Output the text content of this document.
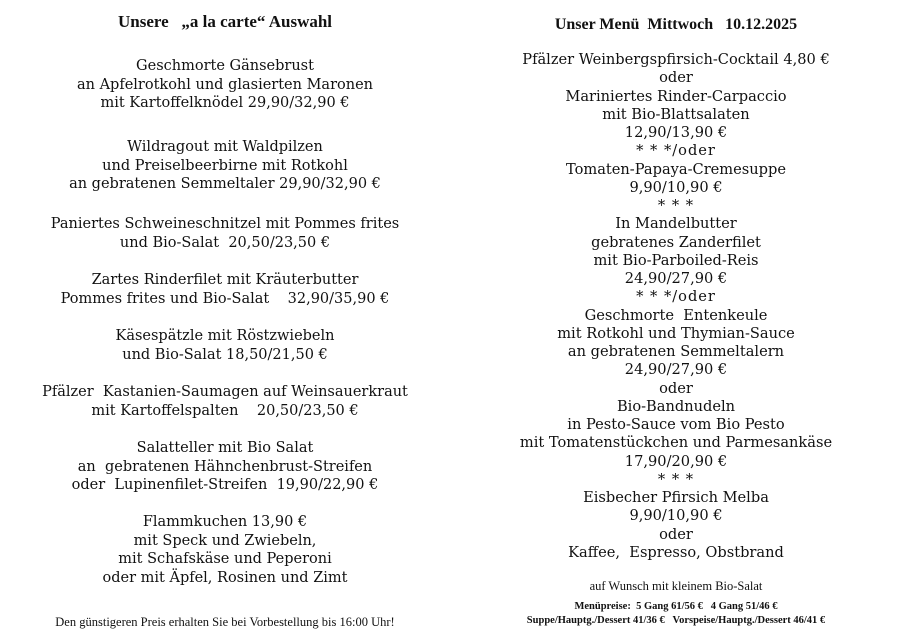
Unsere   „a la carte“ Auswahl
Geschmorte Gänsebrust
an Apfelrotkohl und glasierten Maronen
mit Kartoffelknödel 29,90/32,90 €
Wildragout mit Waldpilzen
und Preiselbeerbirne mit Rotkohl
an gebratenen Semmeltaler 29,90/32,90 €
Paniertes Schweineschnitzel mit Pommes frites
und Bio-Salat  20,50/23,50 €
Zartes Rinderfilet mit Kräuterbutter
Pommes frites und Bio-Salat    32,90/35,90 €
Käsespätzle mit Röstzwiebeln
und Bio-Salat 18,50/21,50 €
Pfälzer  Kastanien-Saumagen auf Weinsauerkraut
mit Kartoffelspalten    20,50/23,50 €
Salatteller mit Bio Salat
an  gebratenen Hähnchenbrust-Streifen
oder  Lupinenfilet-Streifen  19,90/22,90 €
Flammkuchen 13,90 €
mit Speck und Zwiebeln,
mit Schafskäse und Peperoni
oder mit Äpfel, Rosinen und Zimt
Den günstigeren Preis erhalten Sie bei Vorbestellung bis 16:00 Uhr!
Unser Menü  Mittwoch   10.12.2025
Pfälzer Weinbergspfirsich-Cocktail 4,80 €
oder
Mariniertes Rinder-Carpaccio
mit Bio-Blattsalaten
12,90/13,90 €
* * */oder
Tomaten-Papaya-Cremesuppe
9,90/10,90 €
* * *
In Mandelbutter
gebratenes Zanderfilet
mit Bio-Parboiled-Reis
24,90/27,90 €
* * */oder
Geschmorte  Entenkeule
mit Rotkohl und Thymian-Sauce
an gebratenen Semmeltalern
24,90/27,90 €
oder
Bio-Bandnudeln
in Pesto-Sauce vom Bio Pesto
mit Tomatenstückchen und Parmesankäse
17,90/20,90 €
* * *
Eisbecher Pfirsich Melba
9,90/10,90 €
oder
Kaffee,  Espresso, Obstbrand
auf Wunsch mit kleinem Bio-Salat
Menüpreise:  5 Gang 61/56 €   4 Gang 51/46 €
Suppe/Hauptg./Dessert 41/36 €   Vorspeise/Hauptg./Dessert 46/41 €
